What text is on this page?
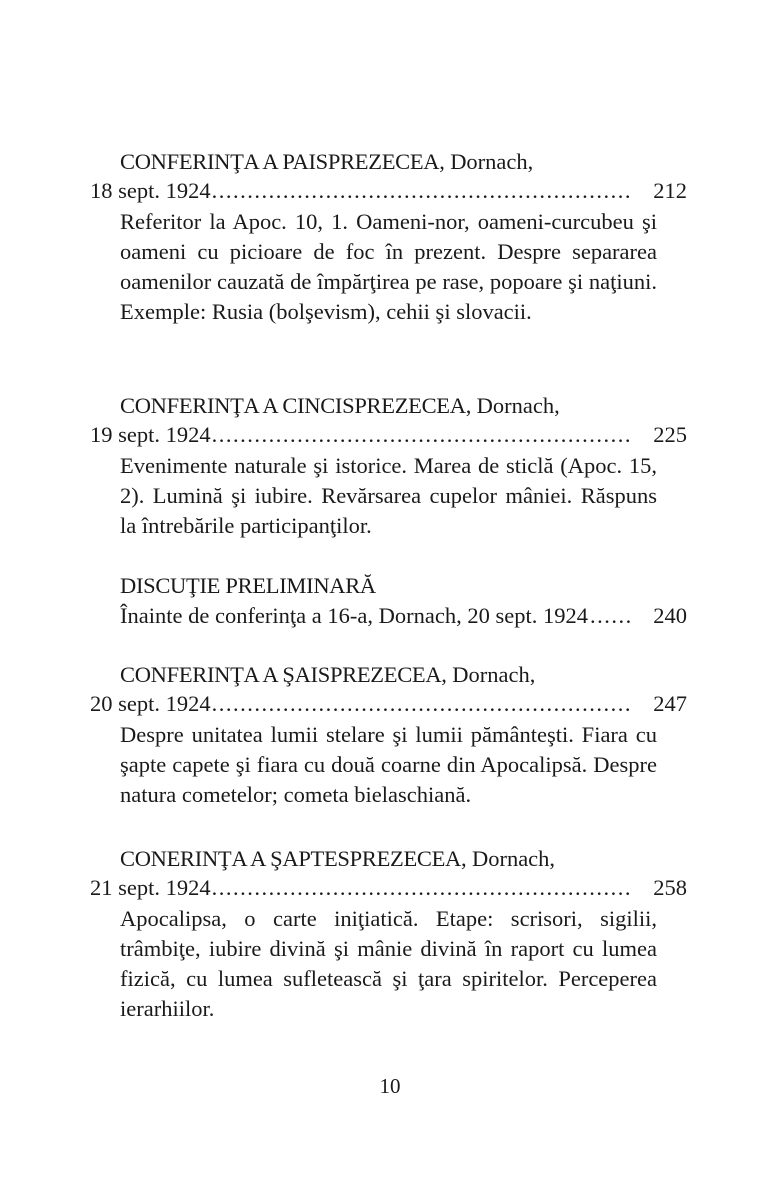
CONFERINŢA A PAISPREZECEA, Dornach,
18 sept. 1924 .....	212
Referitor la Apoc. 10, 1. Oameni-nor, oameni-curcubeu şi oameni cu picioare de foc în prezent. Despre separarea oamenilor cauzată de împărţirea pe rase, popoare şi naţiuni. Exemple: Rusia (bolşevism), cehii şi slovacii.
CONFERINŢA A CINCISPREZECEA, Dornach,
19 sept. 1924 .....	225
Evenimente naturale şi istorice. Marea de sticlă (Apoc. 15, 2). Lumină şi iubire. Revărsarea cupelor mâniei. Răspuns la întrebările participanţilor.
DISCUŢIE PRELIMINARĂ
Înainte de conferinţa a 16-a, Dornach, 20 sept. 1924 .....	240
CONFERINŢA A ŞAISPREZECEA, Dornach,
20 sept. 1924 .....	247
Despre unitatea lumii stelare şi lumii pământeşti. Fiara cu şapte capete şi fiara cu două coarne din Apocalipsă. Despre natura cometelor; cometa bielaschiană.
CONERINŢA A ŞAPTESPREZECEA, Dornach,
21 sept. 1924 .....	258
Apocalipsa, o carte iniţiatică. Etape: scrisori, sigilii, trâmbiţe, iubire divină şi mânie divină în raport cu lumea fizică, cu lumea sufletească şi ţara spiritelor. Perceperea ierarhiilor.
10
